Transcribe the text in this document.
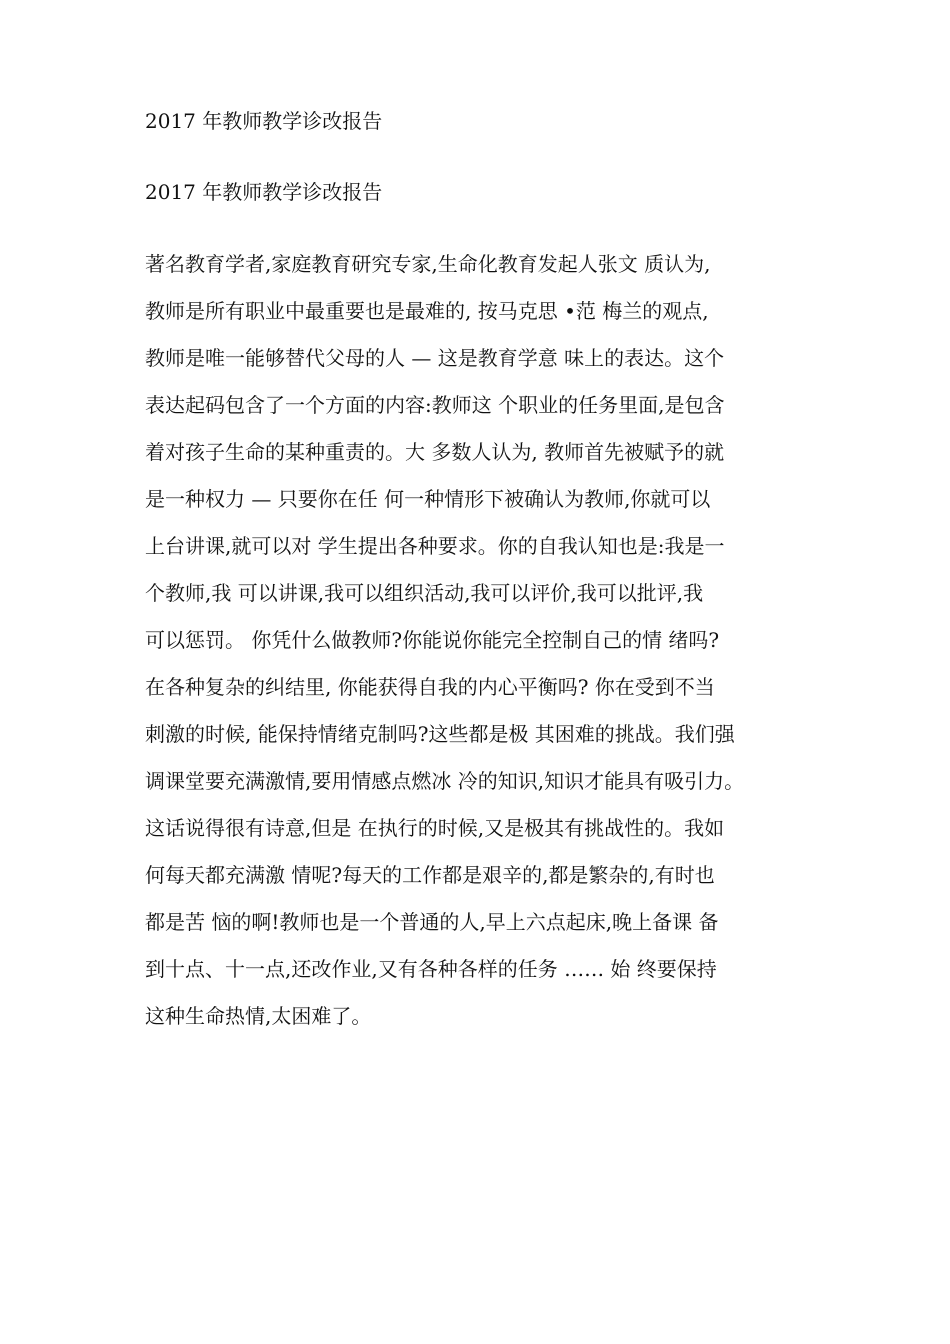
2017 年教师教学诊改报告
2017 年教师教学诊改报告
著名教育学者,家庭教育研究专家,生命化教育发起人张文 质认为,
教师是所有职业中最重要也是最难的, 按马克思 •范 梅兰的观点,
教师是唯一能够替代父母的人 — 这是教育学意 味上的表达。这个
表达起码包含了一个方面的内容:教师这 个职业的任务里面,是包含
着对孩子生命的某种重责的。大 多数人认为, 教师首先被赋予的就
是一种权力 — 只要你在任 何一种情形下被确认为教师,你就可以
上台讲课,就可以对 学生提出各种要求。你的自我认知也是:我是一
个教师,我 可以讲课,我可以组织活动,我可以评价,我可以批评,我
可以惩罚。 你凭什么做教师?你能说你能完全控制自己的情 绪吗?
在各种复杂的纠结里, 你能获得自我的内心平衡吗? 你在受到不当
刺激的时候, 能保持情绪克制吗?这些都是极 其困难的挑战。我们强
调课堂要充满激情,要用情感点燃冰 冷的知识,知识才能具有吸引力。
这话说得很有诗意,但是 在执行的时候,又是极其有挑战性的。我如
何每天都充满激 情呢?每天的工作都是艰辛的,都是繁杂的,有时也
都是苦 恼的啊!教师也是一个普通的人,早上六点起床,晚上备课 备
到十点、十一点,还改作业,又有各种各样的任务 …… 始 终要保持
这种生命热情,太困难了。
